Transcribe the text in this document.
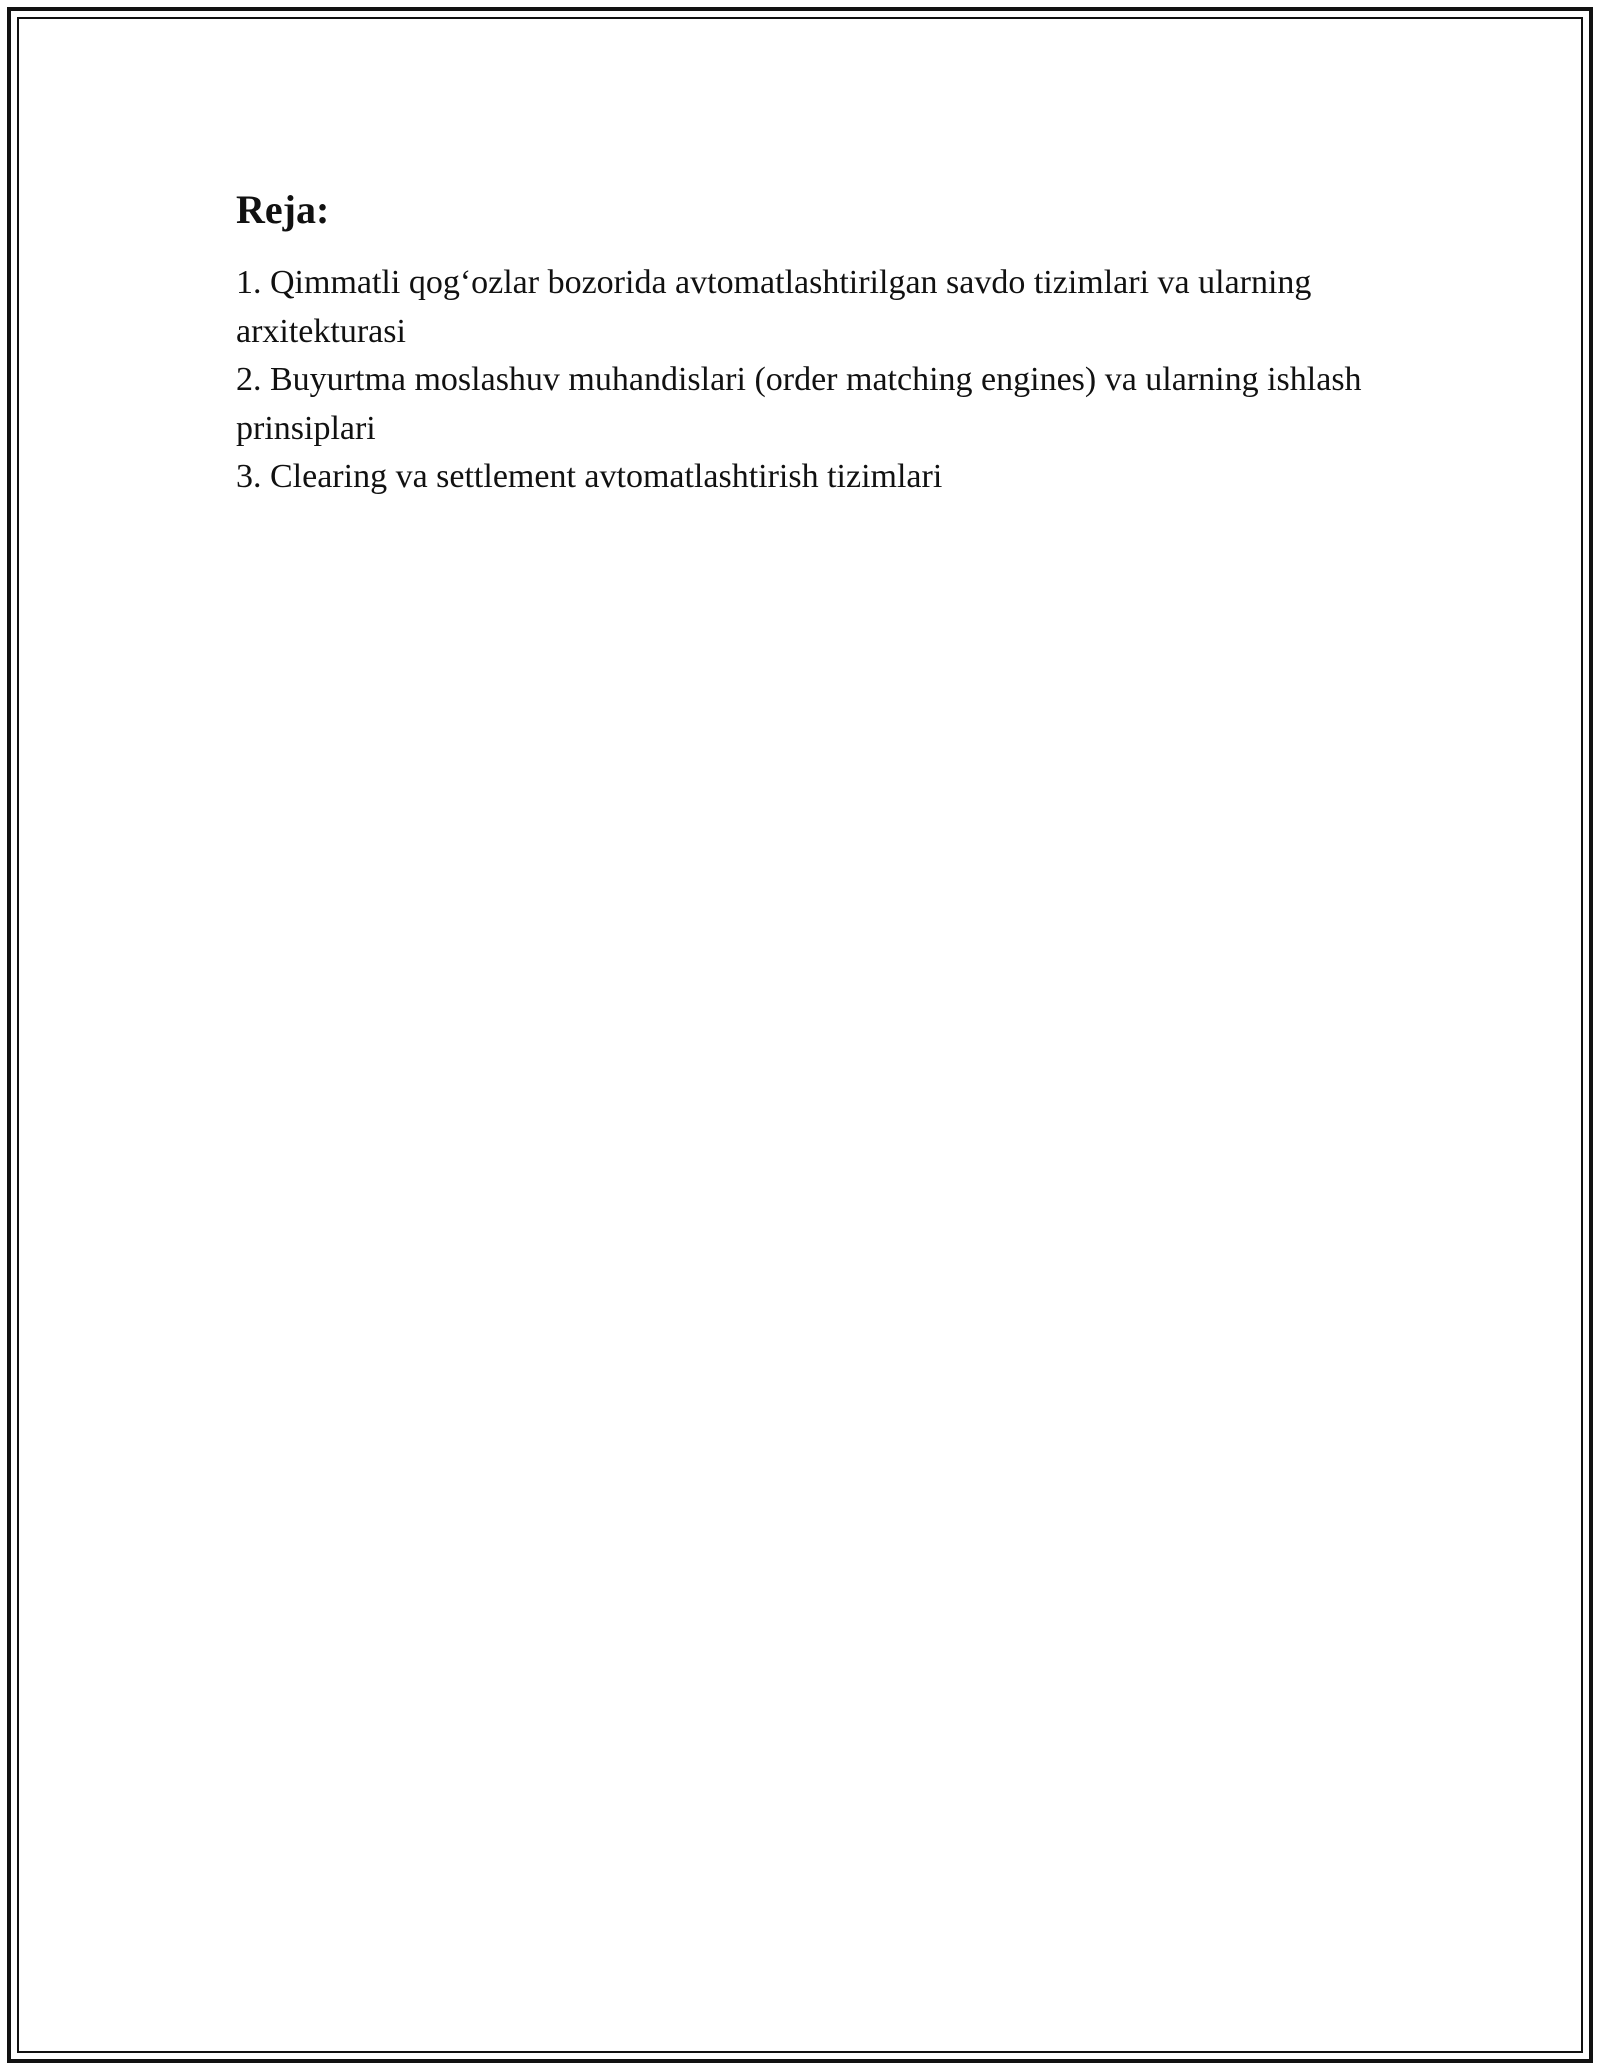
Reja:
1. Qimmatli qog‘ozlar bozorida avtomatlashtirilgan savdo tizimlari va ularning arxitekturasi
2. Buyurtma moslashuv muhandislari (order matching engines) va ularning ishlash prinsiplari
3. Clearing va settlement avtomatlashtirish tizimlari
